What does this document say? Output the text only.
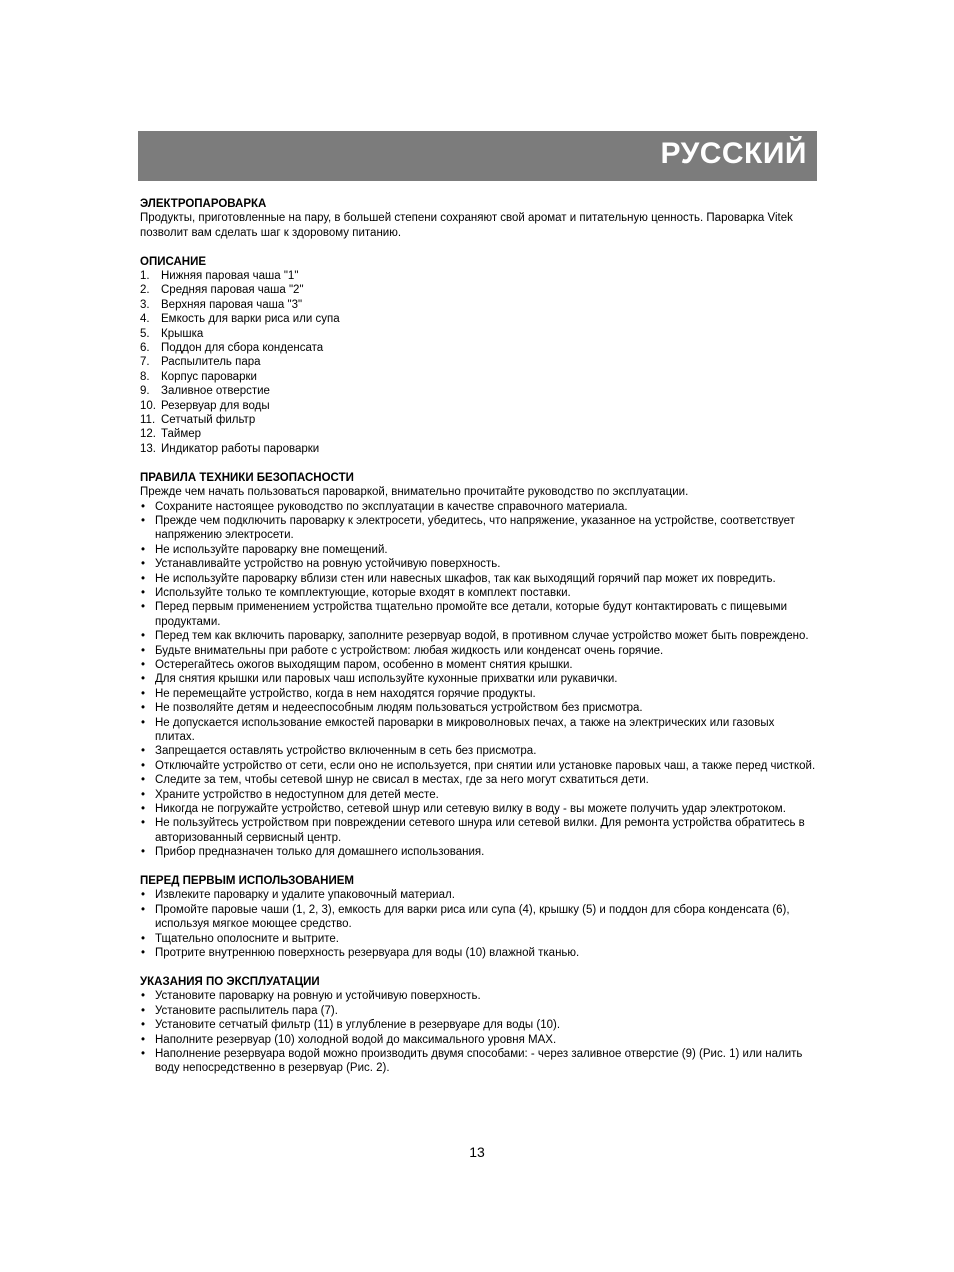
РУССКИЙ
ЭЛЕКТРОПАРОВАРКА
Продукты, приготовленные на пару, в большей степени сохраняют свой аромат и питательную ценность. Пароварка Vitek позволит вам сделать шаг к здоровому питанию.
ОПИСАНИЕ
1. Нижняя паровая чаша "1"
2. Средняя паровая чаша "2"
3. Верхняя паровая чаша "3"
4. Емкость для варки риса или супа
5. Крышка
6. Поддон для сбора конденсата
7. Распылитель пара
8. Корпус пароварки
9. Заливное отверстие
10. Резервуар для воды
11. Сетчатый фильтр
12. Таймер
13. Индикатор работы пароварки
ПРАВИЛА ТЕХНИКИ БЕЗОПАСНОСТИ
Прежде чем начать пользоваться пароваркой, внимательно прочитайте руководство по эксплуатации.
• Сохраните настоящее руководство по эксплуатации в качестве справочного материала.
• Прежде чем подключить пароварку к электросети, убедитесь, что напряжение, указанное на устройстве, соответствует напряжению электросети.
• Не используйте пароварку вне помещений.
• Устанавливайте устройство на ровную устойчивую поверхность.
• Не используйте пароварку вблизи стен или навесных шкафов, так как выходящий горячий пар может их повредить.
• Используйте только те комплектующие, которые входят в комплект поставки.
• Перед первым применением устройства тщательно промойте все детали, которые будут контактировать с пищевыми продуктами.
• Перед тем как включить пароварку, заполните резервуар водой, в противном случае устройство может быть повреждено.
• Будьте внимательны при работе с устройством: любая жидкость или конденсат очень горячие.
• Остерегайтесь ожогов выходящим паром, особенно в момент снятия крышки.
• Для снятия крышки или паровых чаш используйте кухонные прихватки или рукавички.
• Не перемещайте устройство, когда в нем находятся горячие продукты.
• Не позволяйте детям и недееспособным людям пользоваться устройством без присмотра.
• Не допускается использование емкостей пароварки в микроволновых печах, а также на электрических или газовых плитах.
• Запрещается оставлять устройство включенным в сеть без присмотра.
• Отключайте устройство от сети, если оно не используется, при снятии или установке паровых чаш, а также перед чисткой.
• Следите за тем, чтобы сетевой шнур не свисал в местах, где за него могут схватиться дети.
• Храните устройство в недоступном для детей месте.
• Никогда не погружайте устройство, сетевой шнур или сетевую вилку в воду - вы можете получить удар электротоком.
• Не пользуйтесь устройством при повреждении сетевого шнура или сетевой вилки. Для ремонта устройства обратитесь в авторизованный сервисный центр.
• Прибор предназначен только для домашнего использования.
ПЕРЕД ПЕРВЫМ ИСПОЛЬЗОВАНИЕМ
• Извлеките пароварку и удалите упаковочный материал.
• Промойте паровые чаши (1, 2, 3), емкость для варки риса или супа (4), крышку (5) и поддон для сбора конденсата (6), используя мягкое моющее средство.
• Тщательно ополосните и вытрите.
• Протрите внутреннюю поверхность резервуара для воды (10) влажной тканью.
УКАЗАНИЯ ПО ЭКСПЛУАТАЦИИ
• Установите пароварку на ровную и устойчивую поверхность.
• Установите распылитель пара (7).
• Установите сетчатый фильтр (11) в углубление в резервуаре для воды (10).
• Наполните резервуар (10) холодной водой до максимального уровня MAX.
• Наполнение резервуара водой можно производить двумя способами: - через заливное отверстие (9) (Рис. 1) или налить воду непосредственно в резервуар (Рис. 2).
13
